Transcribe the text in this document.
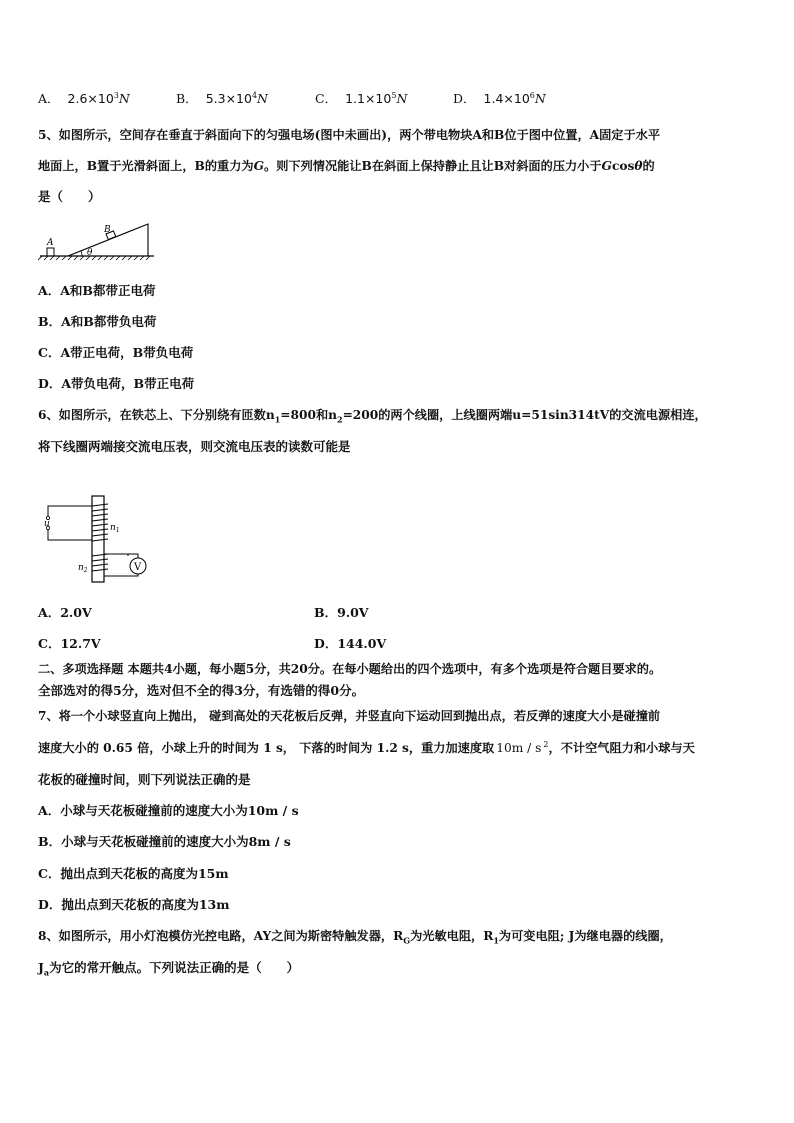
A． $2.6\times 10^3N$	B． $5.3\times 10^4N$	C． $1.1\times 10^5N$	D． $1.4\times 10^6N$
5、如图所示，空间存在垂直于斜面向下的匀强电场(图中未画出)，两个带电物块A和B位于图中位置，A固定于水平
地面上，B置于光滑斜面上，B的重力为G。则下列情况能让B在斜面上保持静止且让B对斜面的压力小于Gcosθ的
是（　　）
A
B
θ
A．A和B都带正电荷
B．A和B都带负电荷
C．A带正电荷，B带负电荷
D．A带负电荷，B带正电荷
6、如图所示，在铁芯上、下分别绕有匝数$n_1=800$和$n_2=200$的两个线圈，上线圈两端u=51sin314tV的交流电源相连，
将下线圈两端接交流电压表，则交流电压表的读数可能是
u	$n_1$
$n_2$	V
A．2.0V	B．9.0V
C．12.7V	D．144.0V
二、多项选择题 本题共4小题，每小题5分，共20分。在每小题给出的四个选项中，有多个选项是符合题目要求的。
全部选对的得5分，选对但不全的得3分，有选错的得0分。
7、将一个小球竖直向上抛出， 碰到高处的天花板后反弹，并竖直向下运动回到抛出点，若反弹的速度大小是碰撞前
速度大小的 0.65 倍，小球上升的时间为 1 s， 下落的时间为 1.2 s，重力加速度取 10m / s $^2$，不计空气阻力和小球与天
花板的碰撞时间，则下列说法正确的是
A．小球与天花板碰撞前的速度大小为10m / s
B．小球与天花板碰撞前的速度大小为8m / s
C．抛出点到天花板的高度为15m
D．抛出点到天花板的高度为13m
8、如图所示，用小灯泡模仿光控电路，AY之间为斯密特触发器，$R_G$为光敏电阻，$R_1$为可变电阻; J为继电器的线圈，
$J_a$为它的常开触点。下列说法正确的是（　　）
